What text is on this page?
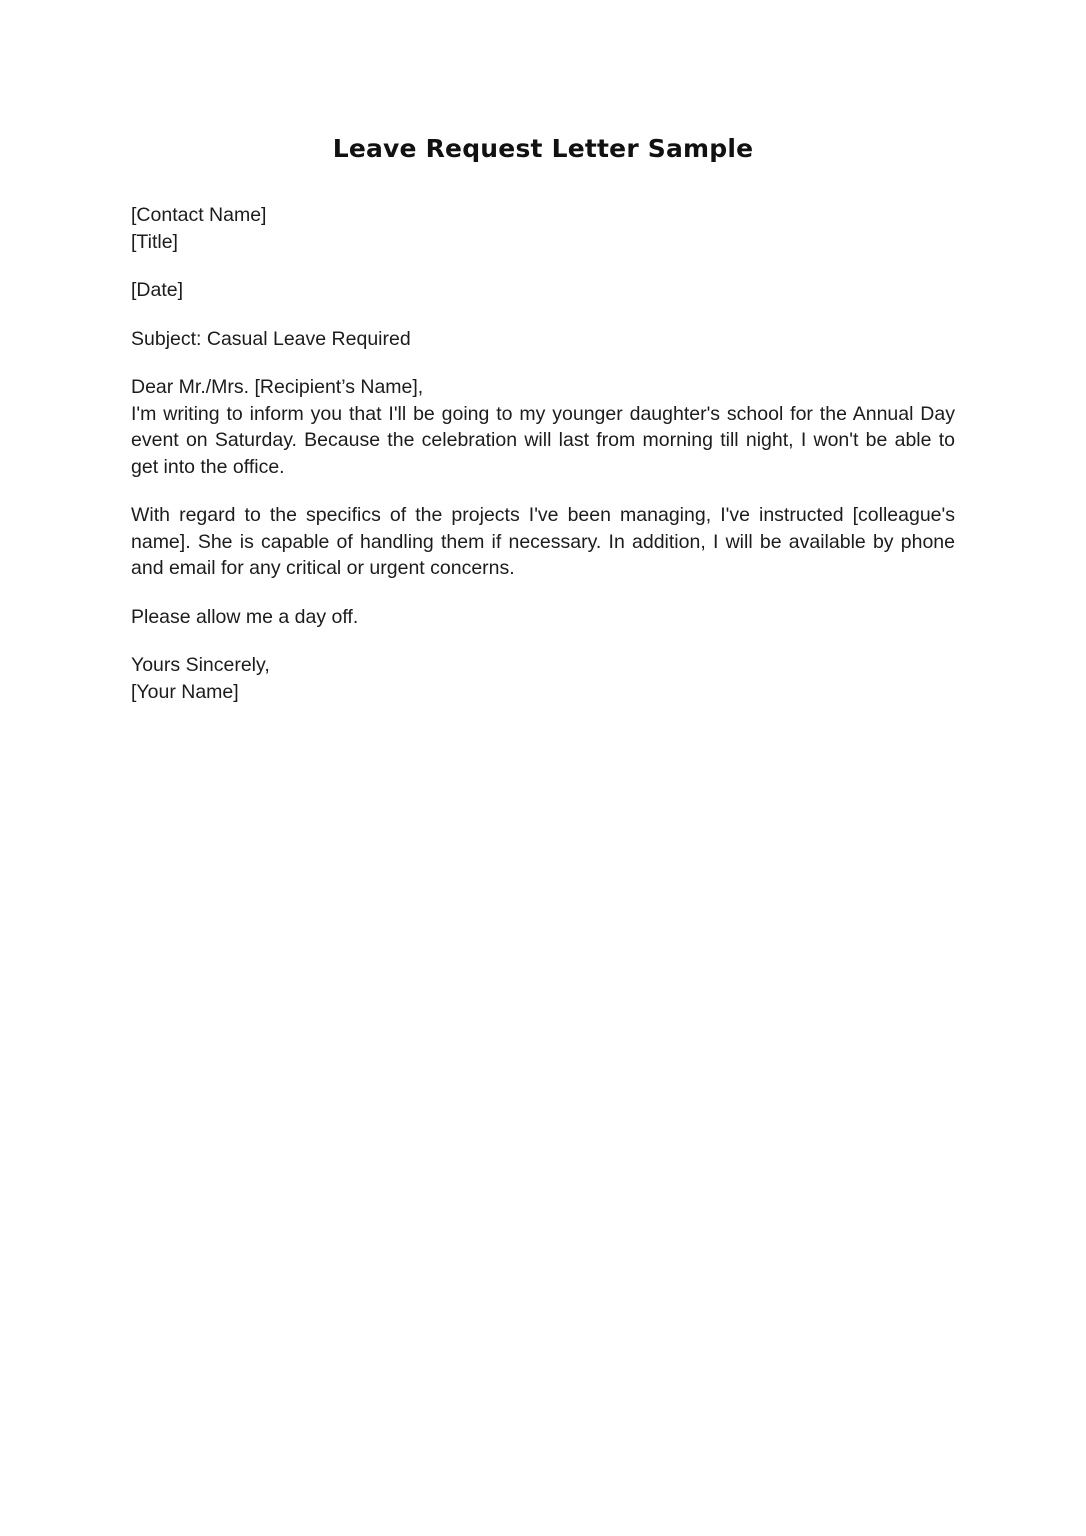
Leave Request Letter Sample
[Contact Name]
[Title]
[Date]
Subject: Casual Leave Required
Dear Mr./Mrs. [Recipient’s Name],
I'm writing to inform you that I'll be going to my younger daughter's school for the Annual Day event on Saturday. Because the celebration will last from morning till night, I won't be able to get into the office.
With regard to the specifics of the projects I've been managing, I've instructed [colleague's name]. She is capable of handling them if necessary. In addition, I will be available by phone and email for any critical or urgent concerns.
Please allow me a day off.
Yours Sincerely,
[Your Name]
